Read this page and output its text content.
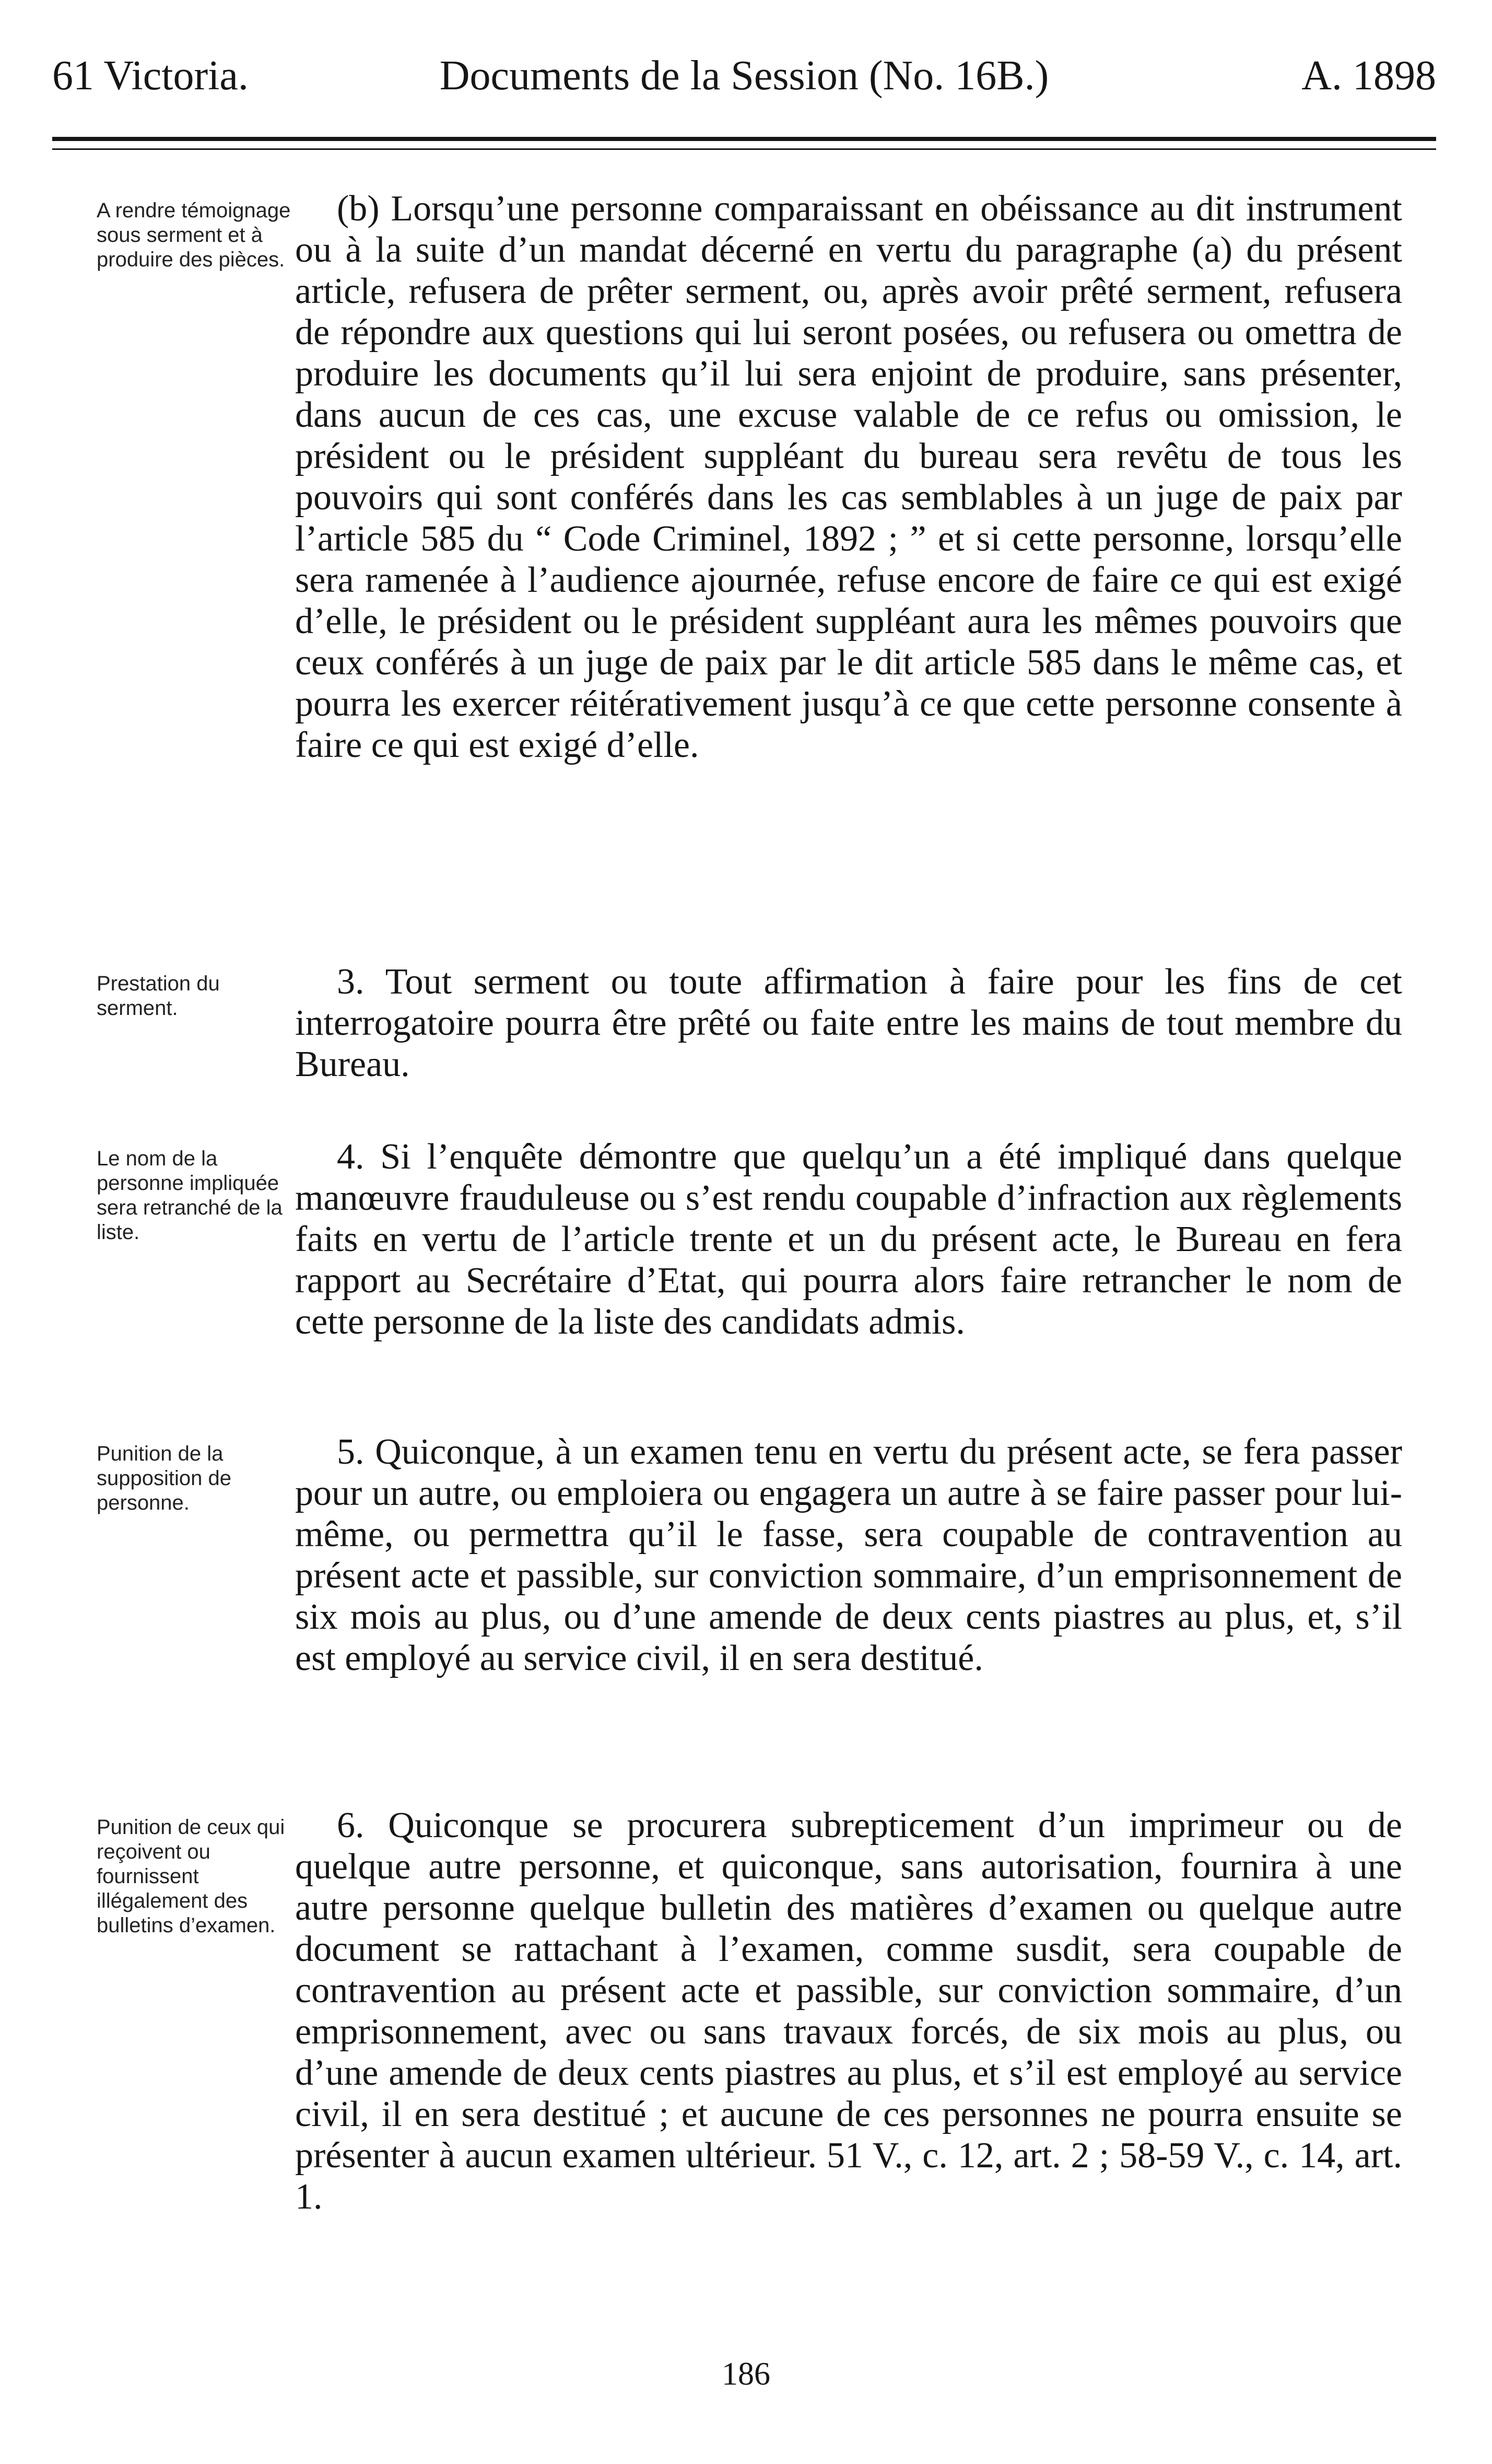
61 Victoria.	Documents de la Session (No. 16B.)	A. 1898
A rendre témoignage sous serment et à produire des pièces.
(b) Lorsqu’une personne comparaissant en obéissance au dit instrument ou à la suite d’un mandat décerné en vertu du paragraphe (a) du présent article, refusera de prêter serment, ou, après avoir prêté serment, refusera de répondre aux questions qui lui seront posées, ou refusera ou omettra de produire les documents qu’il lui sera enjoint de produire, sans présenter, dans aucun de ces cas, une excuse valable de ce refus ou omission, le président ou le président suppléant du bureau sera revêtu de tous les pouvoirs qui sont conférés dans les cas semblables à un juge de paix par l’article 585 du “ Code Criminel, 1892 ; ” et si cette personne, lorsqu’elle sera ramenée à l’audience ajournée, refuse encore de faire ce qui est exigé d’elle, le président ou le président suppléant aura les mêmes pouvoirs que ceux conférés à un juge de paix par le dit article 585 dans le même cas, et pourra les exercer réitérativement jusqu’à ce que cette personne consente à faire ce qui est exigé d’elle.
Prestation du serment.
3. Tout serment ou toute affirmation à faire pour les fins de cet interrogatoire pourra être prêté ou faite entre les mains de tout membre du Bureau.
Le nom de la personne impliquée sera retranché de la liste.
4. Si l’enquête démontre que quelqu’un a été impliqué dans quelque manœuvre frauduleuse ou s’est rendu coupable d’infraction aux règlements faits en vertu de l’article trente et un du présent acte, le Bureau en fera rapport au Secrétaire d’Etat, qui pourra alors faire retrancher le nom de cette personne de la liste des candidats admis.
Punition de la supposition de personne.
5. Quiconque, à un examen tenu en vertu du présent acte, se fera passer pour un autre, ou emploiera ou engagera un autre à se faire passer pour lui-même, ou permettra qu’il le fasse, sera coupable de contravention au présent acte et passible, sur conviction sommaire, d’un emprisonnement de six mois au plus, ou d’une amende de deux cents piastres au plus, et, s’il est employé au service civil, il en sera destitué.
Punition de ceux qui reçoivent ou fournissent illégalement des bulletins d’examen.
6. Quiconque se procurera subrepticement d’un imprimeur ou de quelque autre personne, et quiconque, sans autorisation, fournira à une autre personne quelque bulletin des matières d’examen ou quelque autre document se rattachant à l’examen, comme susdit, sera coupable de contravention au présent acte et passible, sur conviction sommaire, d’un emprisonnement, avec ou sans travaux forcés, de six mois au plus, ou d’une amende de deux cents piastres au plus, et s’il est employé au service civil, il en sera destitué ; et aucune de ces personnes ne pourra ensuite se présenter à aucun examen ultérieur. 51 V., c. 12, art. 2 ; 58-59 V., c. 14, art. 1.
186
